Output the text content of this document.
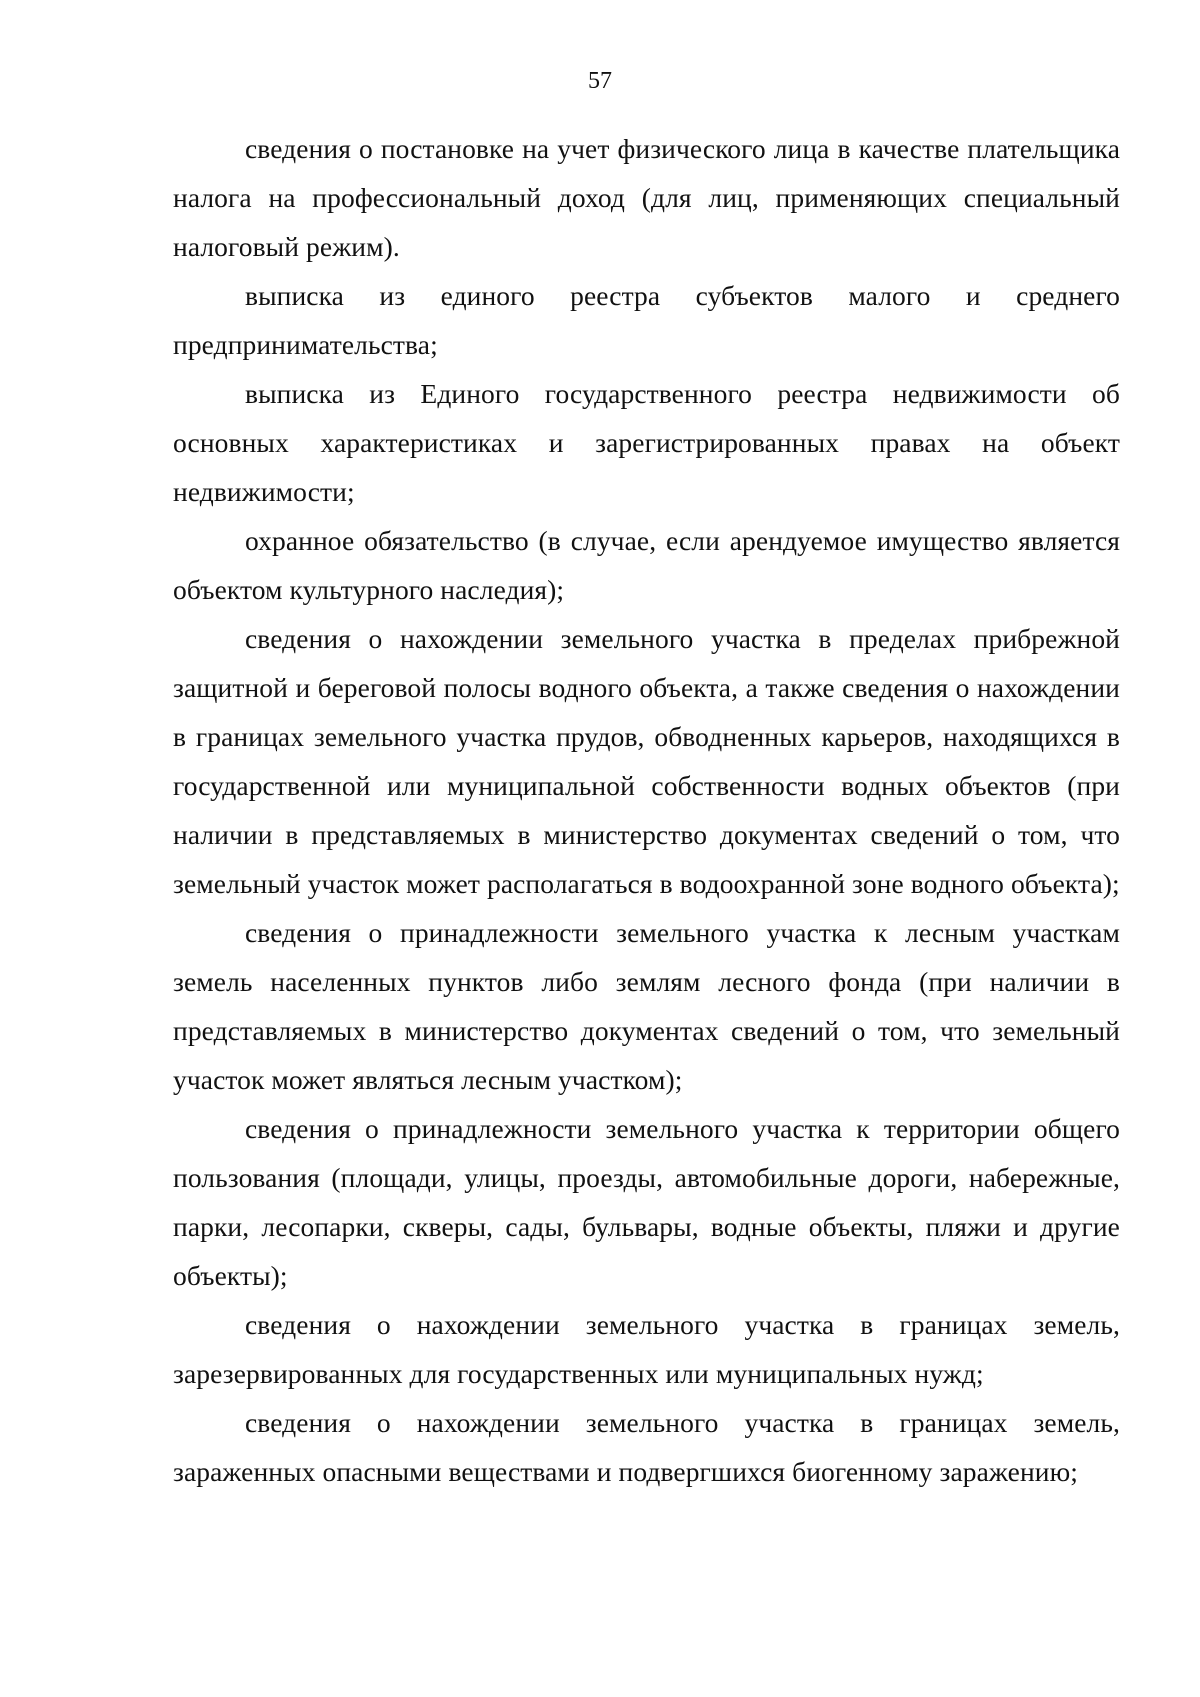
57

сведения о постановке на учет физического лица в качестве плательщика налога на профессиональный доход (для лиц, применяющих специальный налоговый режим).

выписка из единого реестра субъектов малого и среднего предпринимательства;

выписка из Единого государственного реестра недвижимости об основных характеристиках и зарегистрированных правах на объект недвижимости;

охранное обязательство (в случае, если арендуемое имущество является объектом культурного наследия);

сведения о нахождении земельного участка в пределах прибрежной защитной и береговой полосы водного объекта, а также сведения о нахождении в границах земельного участка прудов, обводненных карьеров, находящихся в государственной или муниципальной собственности водных объектов (при наличии в представляемых в министерство документах сведений о том, что земельный участок может располагаться в водоохранной зоне водного объекта);

сведения о принадлежности земельного участка к лесным участкам земель населенных пунктов либо землям лесного фонда (при наличии в представляемых в министерство документах сведений о том, что земельный участок может являться лесным участком);

сведения о принадлежности земельного участка к территории общего пользования (площади, улицы, проезды, автомобильные дороги, набережные, парки, лесопарки, скверы, сады, бульвары, водные объекты, пляжи и другие объекты);

сведения о нахождении земельного участка в границах земель, зарезервированных для государственных или муниципальных нужд;

сведения о нахождении земельного участка в границах земель, зараженных опасными веществами и подвергшихся биогенному заражению;
